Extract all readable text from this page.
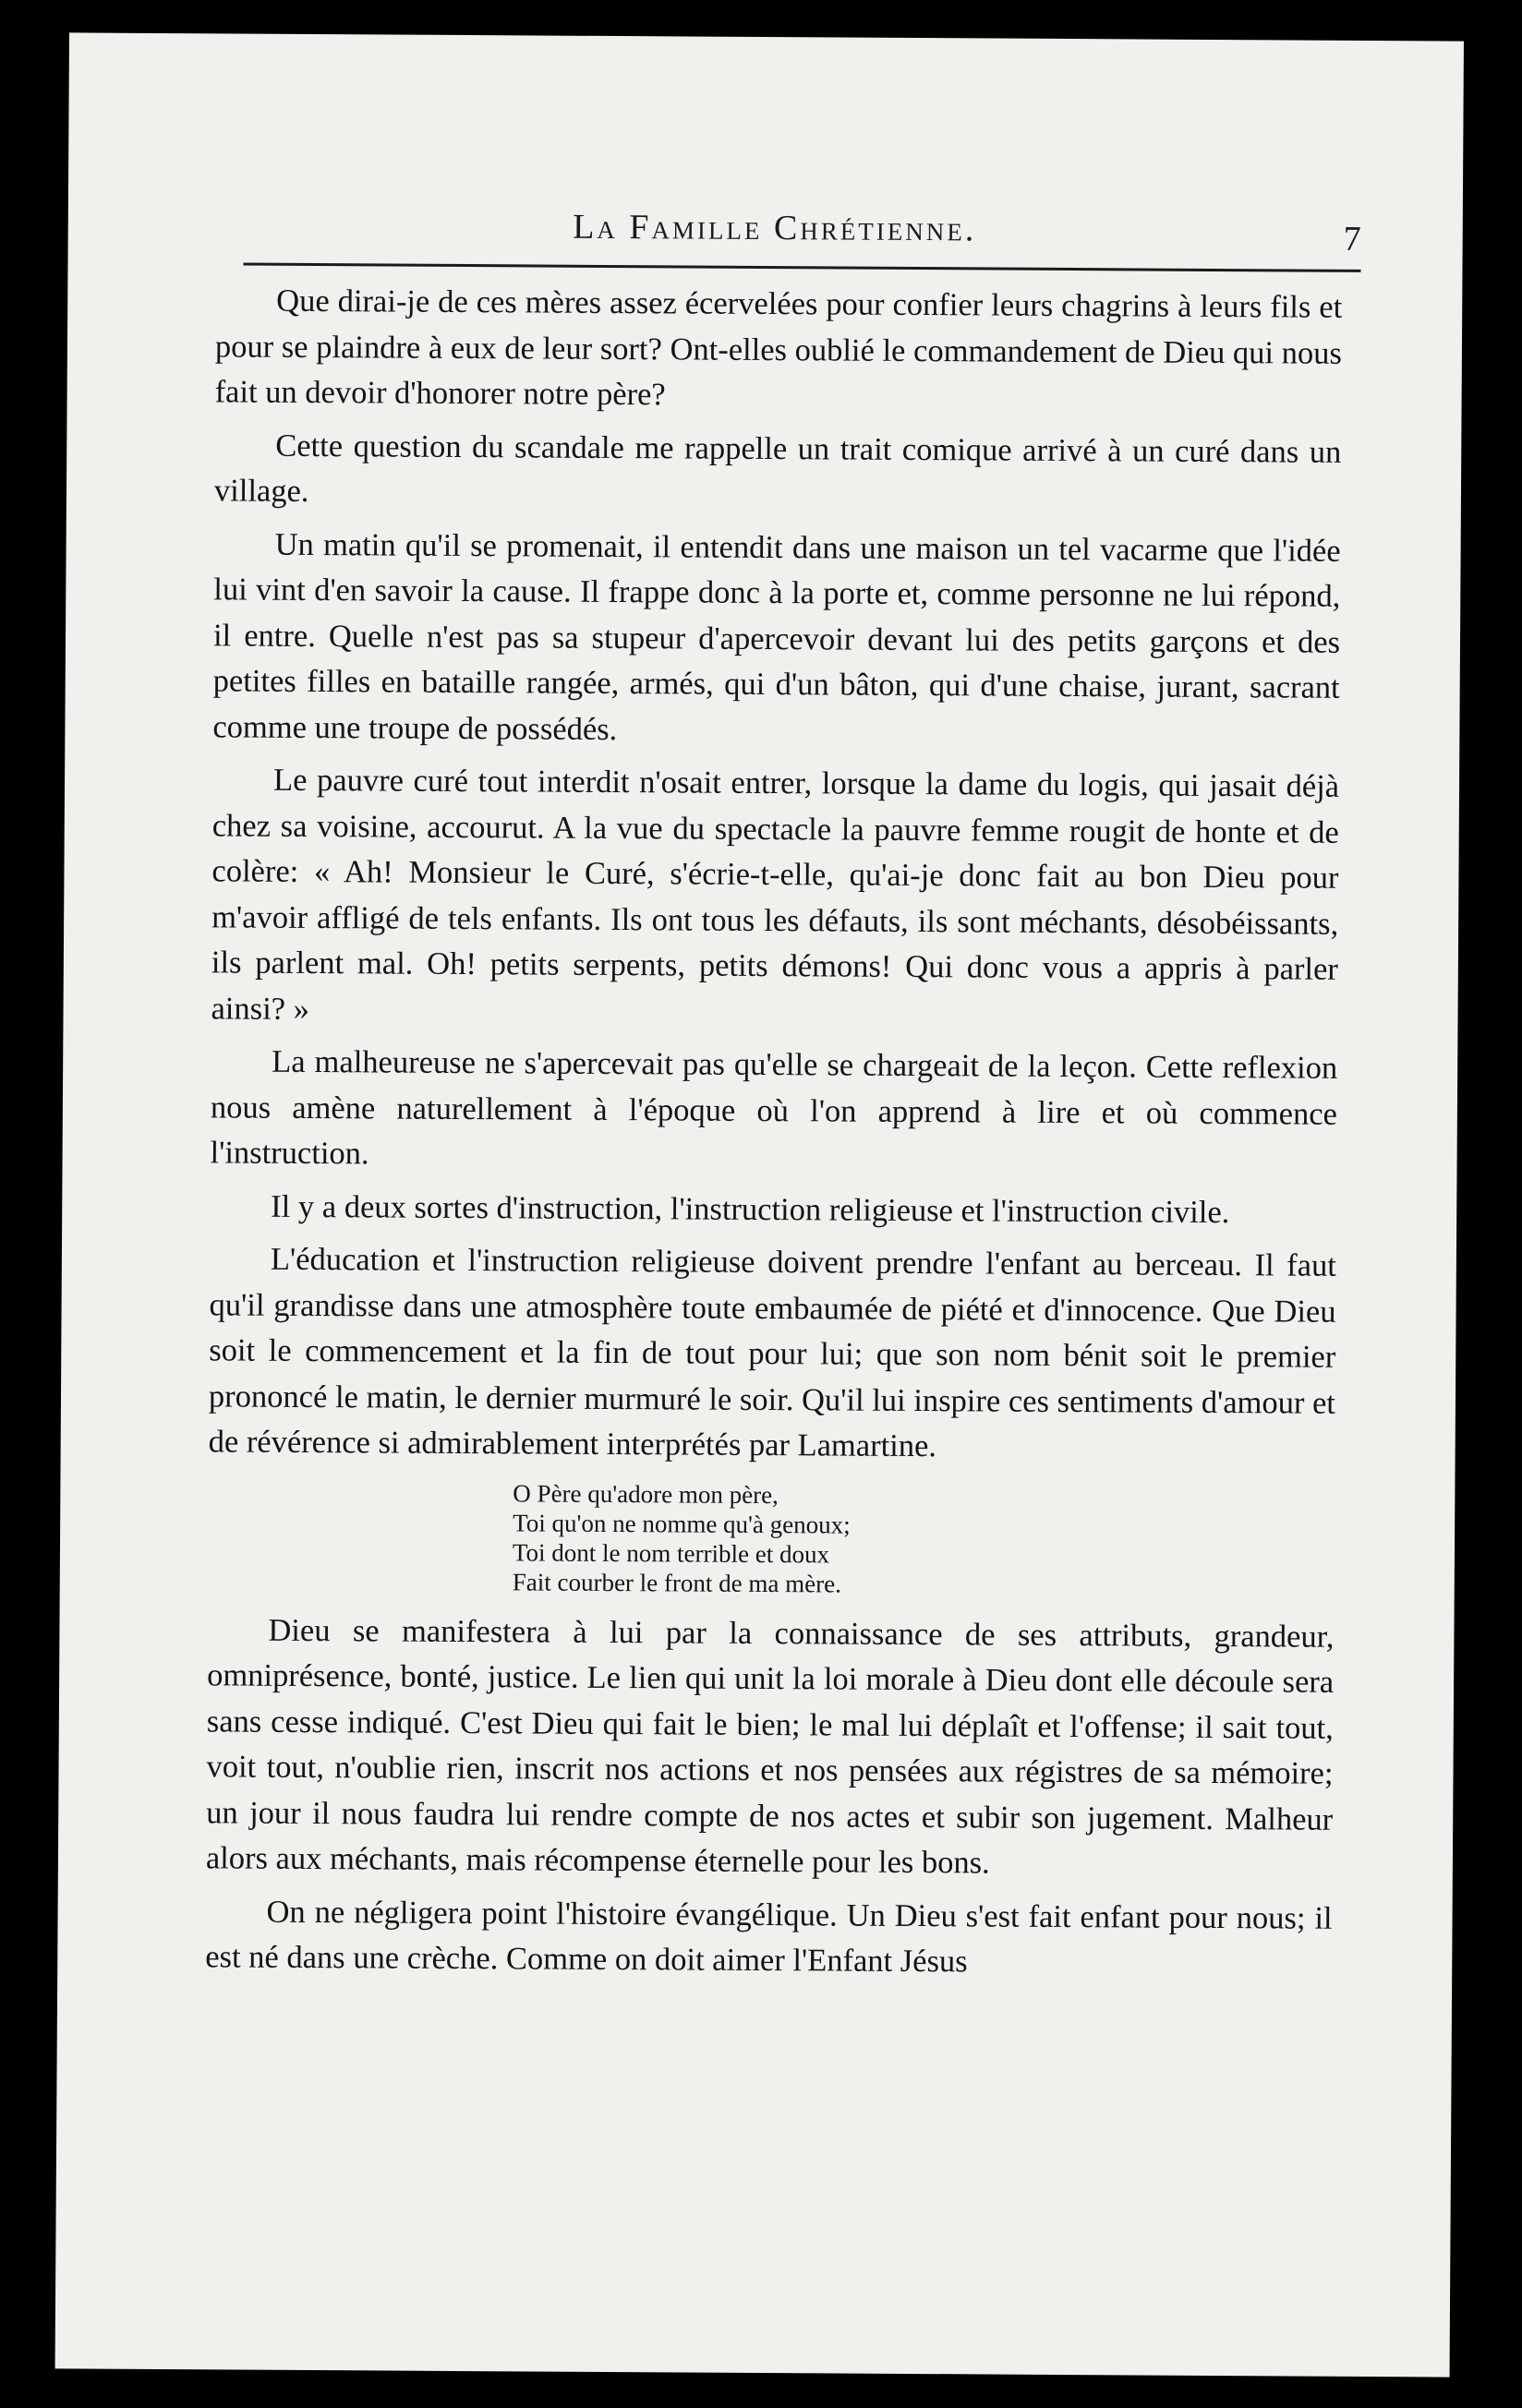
La Famille Chrétienne.	7

Que dirai-je de ces mères assez écervelées pour confier leurs chagrins à leurs fils et pour se plaindre à eux de leur sort? Ont-elles oublié le commandement de Dieu qui nous fait un devoir d'honorer notre père?

Cette question du scandale me rappelle un trait comique arrivé à un curé dans un village.

Un matin qu'il se promenait, il entendit dans une maison un tel vacarme que l'idée lui vint d'en savoir la cause. Il frappe donc à la porte et, comme personne ne lui répond, il entre. Quelle n'est pas sa stupeur d'apercevoir devant lui des petits garçons et des petites filles en bataille rangée, armés, qui d'un bâton, qui d'une chaise, jurant, sacrant comme une troupe de possédés.

Le pauvre curé tout interdit n'osait entrer, lorsque la dame du logis, qui jasait déjà chez sa voisine, accourut. A la vue du spectacle la pauvre femme rougit de honte et de colère: « Ah! Monsieur le Curé, s'écrie-t-elle, qu'ai-je donc fait au bon Dieu pour m'avoir affligé de tels enfants. Ils ont tous les défauts, ils sont méchants, désobéissants, ils parlent mal. Oh! petits serpents, petits démons! Qui donc vous a appris à parler ainsi? »

La malheureuse ne s'apercevait pas qu'elle se chargeait de la leçon. Cette reflexion nous amène naturellement à l'époque où l'on apprend à lire et où commence l'instruction.

Il y a deux sortes d'instruction, l'instruction religieuse et l'instruction civile.

L'éducation et l'instruction religieuse doivent prendre l'enfant au berceau. Il faut qu'il grandisse dans une atmosphère toute embaumée de piété et d'innocence. Que Dieu soit le commencement et la fin de tout pour lui; que son nom bénit soit le premier prononcé le matin, le dernier murmuré le soir. Qu'il lui inspire ces sentiments d'amour et de révérence si admirablement interprétés par Lamartine.

O Père qu'adore mon père,
Toi qu'on ne nomme qu'à genoux;
Toi dont le nom terrible et doux
Fait courber le front de ma mère.

Dieu se manifestera à lui par la connaissance de ses attributs, grandeur, omniprésence, bonté, justice. Le lien qui unit la loi morale à Dieu dont elle découle sera sans cesse indiqué. C'est Dieu qui fait le bien; le mal lui déplaît et l'offense; il sait tout, voit tout, n'oublie rien, inscrit nos actions et nos pensées aux régistres de sa mémoire; un jour il nous faudra lui rendre compte de nos actes et subir son jugement. Malheur alors aux méchants, mais récompense éternelle pour les bons.

On ne négligera point l'histoire évangélique. Un Dieu s'est fait enfant pour nous; il est né dans une crèche. Comme on doit aimer l'Enfant Jésus
